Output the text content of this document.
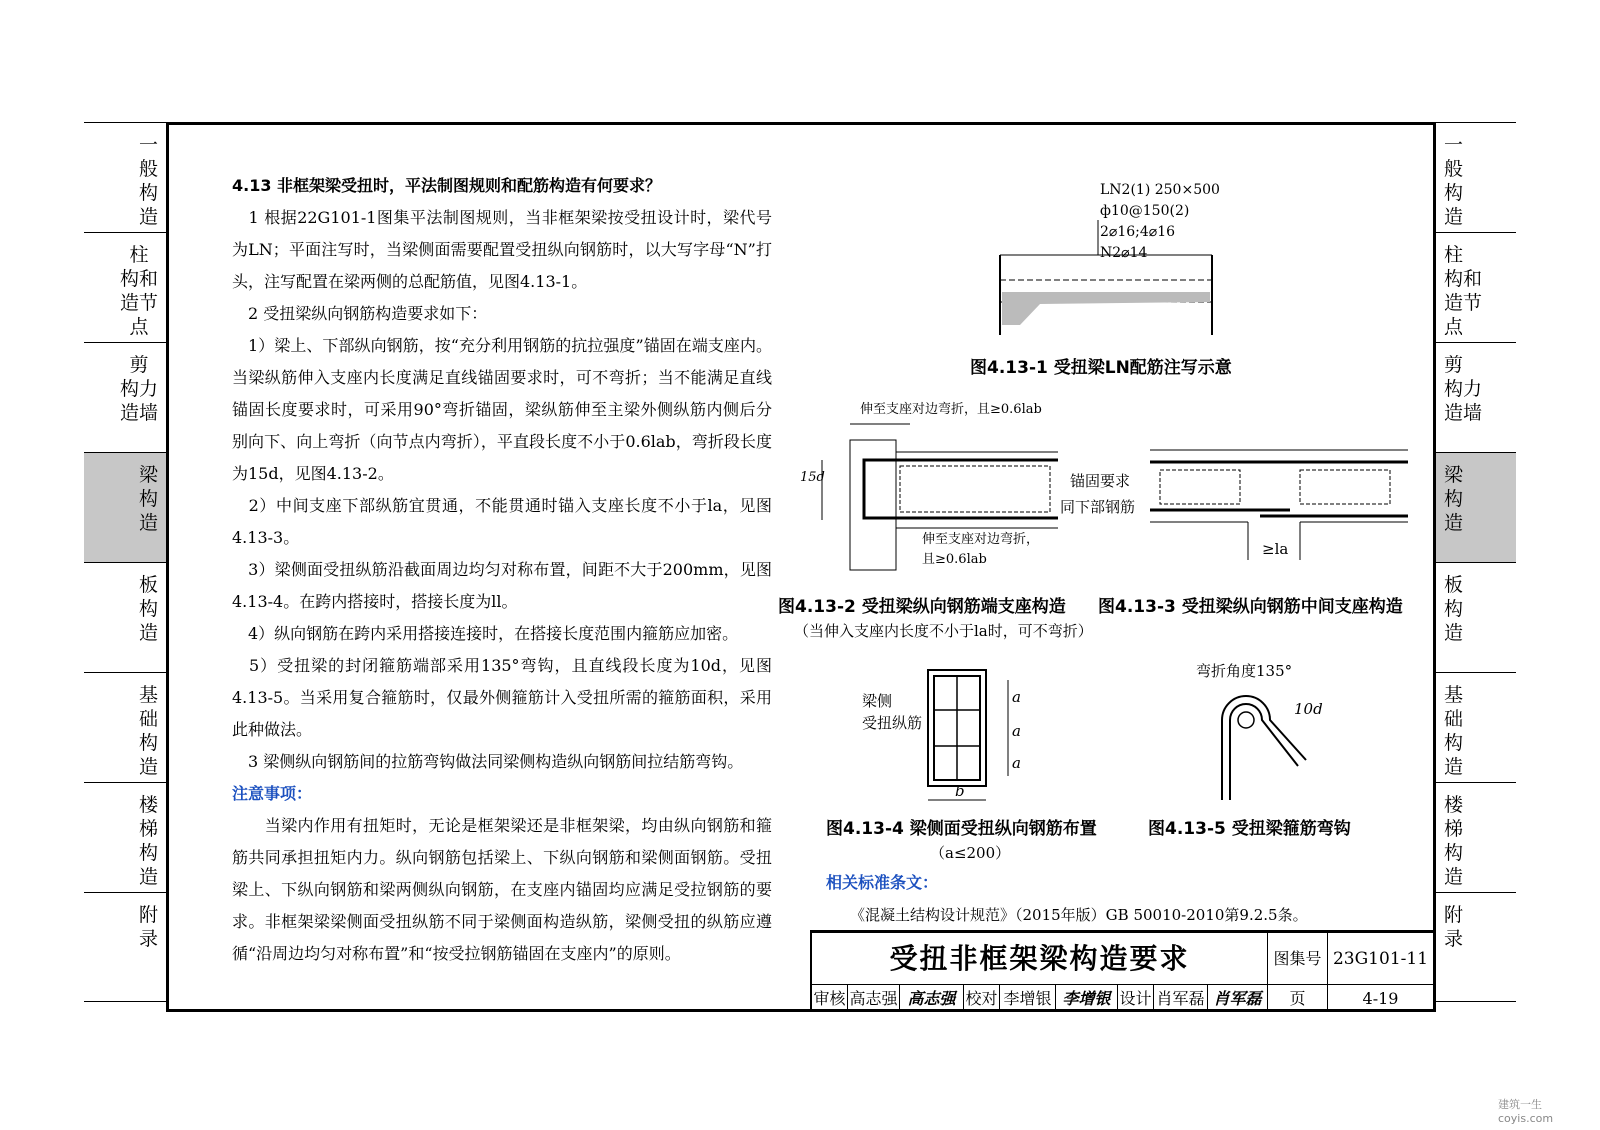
一
般
构
造
柱
构和
造节
点
剪
构力
造墙
梁
构
造
板
构
造
基
础
构
造
楼
梯
构
造
附
录
一
般
构
造
柱
构和
造节
点
剪
构力
造墙
梁
构
造
板
构
造
基
础
构
造
楼
梯
构
造
附
录
4.13 非框架梁受扭时，平法制图规则和配筋构造有何要求？
　1 根据22G101-1图集平法制图规则，当非框架梁按受扭设计时，梁代号为LN；平面注写时，当梁侧面需要配置受扭纵向钢筋时，以大写字母“N”打头，注写配置在梁两侧的总配筋值，见图4.13-1。
　2 受扭梁纵向钢筋构造要求如下：
　1）梁上、下部纵向钢筋，按“充分利用钢筋的抗拉强度”锚固在端支座内。当梁纵筋伸入支座内长度满足直线锚固要求时，可不弯折；当不能满足直线锚固长度要求时，可采用90°弯折锚固，梁纵筋伸至主梁外侧纵筋内侧后分别向下、向上弯折（向节点内弯折），平直段长度不小于0.6lab，弯折段长度为15d，见图4.13-2。
　2）中间支座下部纵筋宜贯通，不能贯通时锚入支座长度不小于la，见图4.13-3。
　3）梁侧面受扭纵筋沿截面周边均匀对称布置，间距不大于200mm，见图4.13-4。在跨内搭接时，搭接长度为ll。
　4）纵向钢筋在跨内采用搭接连接时，在搭接长度范围内箍筋应加密。
　5）受扭梁的封闭箍筋端部采用135°弯钩，且直线段长度为10d，见图4.13-5。当采用复合箍筋时，仅最外侧箍筋计入受扭所需的箍筋面积，采用此种做法。
　3 梁侧纵向钢筋间的拉筋弯钩做法同梁侧构造纵向钢筋间拉结筋弯钩。
注意事项：
　　当梁内作用有扭矩时，无论是框架梁还是非框架梁，均由纵向钢筋和箍筋共同承担扭矩内力。纵向钢筋包括梁上、下纵向钢筋和梁侧面钢筋。受扭梁上、下纵向钢筋和梁两侧纵向钢筋，在支座内锚固均应满足受拉钢筋的要求。非框架梁梁侧面受扭纵筋不同于梁侧面构造纵筋，梁侧受扭的纵筋应遵循“沿周边均匀对称布置”和“按受拉钢筋锚固在支座内”的原则。
LN2(1) 250×500
ф10@150(2)
2⌀16;4⌀16
N2⌀14
图4.13-1 受扭梁LN配筋注写示意
伸至支座对边弯折，且≥0.6lab
伸至支座对边弯折，
且≥0.6lab
15d
图4.13-2 受扭梁纵向钢筋端支座构造
（当伸入支座内长度不小于la时，可不弯折）
锚固要求
同下部钢筋
≥la
图4.13-3 受扭梁纵向钢筋中间支座构造
梁侧
受扭纵筋
a
a
a
b
图4.13-4 梁侧面受扭纵向钢筋布置
（a≤200）
弯折角度135°
10d
图4.13-5 受扭梁箍筋弯钩
相关标准条文：
《混凝土结构设计规范》（2015年版）GB 50010-2010第9.2.5条。
受扭非框架梁构造要求	图集号 23G101-11
审核 高志强 高志强 校对 李增银 李增银 设计 肖军磊 肖军磊	页	4-19
建筑一生 coyis.com
